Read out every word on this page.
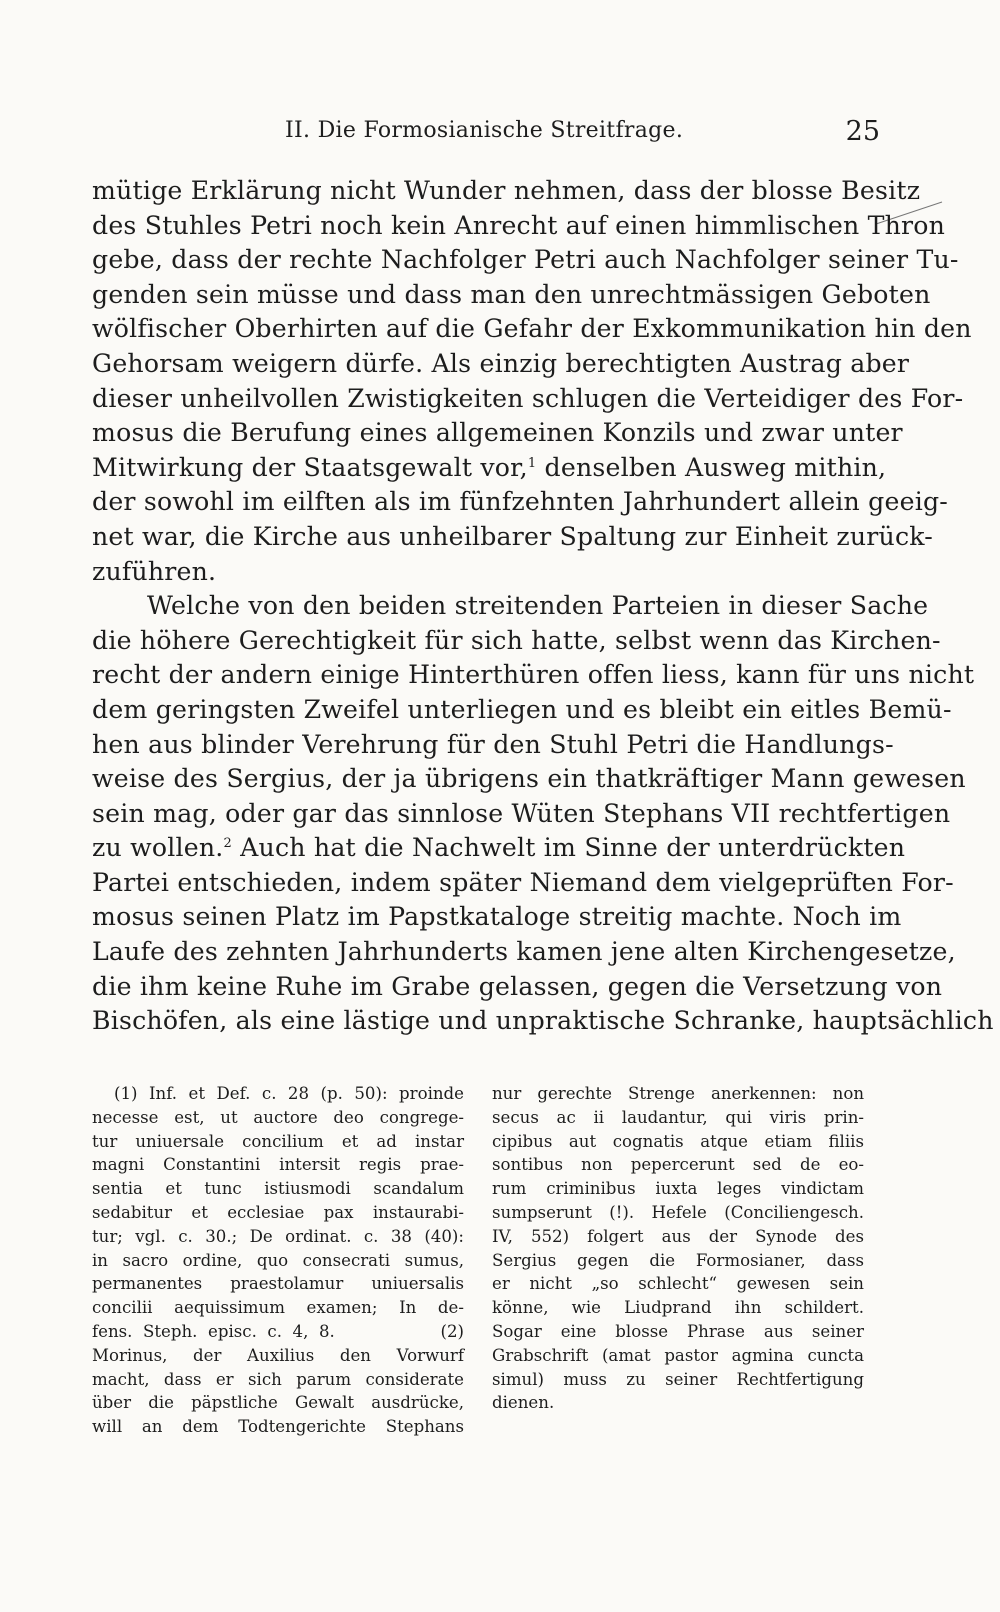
II. Die Formosianische Streitfrage.	25
mütige Erklärung nicht Wunder nehmen, dass der blosse Besitz
des Stuhles Petri noch kein Anrecht auf einen himmlischen Thron
gebe, dass der rechte Nachfolger Petri auch Nachfolger seiner Tu-
genden sein müsse und dass man den unrechtmässigen Geboten
wölfischer Oberhirten auf die Gefahr der Exkommunikation hin den
Gehorsam weigern dürfe. Als einzig berechtigten Austrag aber
dieser unheilvollen Zwistigkeiten schlugen die Verteidiger des For-
mosus die Berufung eines allgemeinen Konzils und zwar unter
Mitwirkung der Staatsgewalt vor,$^1$ denselben Ausweg mithin,
der sowohl im eilften als im fünfzehnten Jahrhundert allein geeig-
net war, die Kirche aus unheilbarer Spaltung zur Einheit zurück-
zuführen.
Welche von den beiden streitenden Parteien in dieser Sache
die höhere Gerechtigkeit für sich hatte, selbst wenn das Kirchen-
recht der andern einige Hinterthüren offen liess, kann für uns nicht
dem geringsten Zweifel unterliegen und es bleibt ein eitles Bemü-
hen aus blinder Verehrung für den Stuhl Petri die Handlungs-
weise des Sergius, der ja übrigens ein thatkräftiger Mann gewesen
sein mag, oder gar das sinnlose Wüten Stephans VII rechtfertigen
zu wollen.$^2$ Auch hat die Nachwelt im Sinne der unterdrückten
Partei entschieden, indem später Niemand dem vielgeprüften For-
mosus seinen Platz im Papstkataloge streitig machte. Noch im
Laufe des zehnten Jahrhunderts kamen jene alten Kirchengesetze,
die ihm keine Ruhe im Grabe gelassen, gegen die Versetzung von
Bischöfen, als eine lästige und unpraktische Schranke, hauptsächlich
(1) Inf. et Def. c. 28 (p. 50): proinde
necesse est, ut auctore deo congrege-
tur uniuersale concilium et ad instar
magni Constantini intersit regis prae-
sentia et tunc istiusmodi scandalum
sedabitur et ecclesiae pax instaurabi-
tur; vgl. c. 30.; De ordinat. c. 38 (40):
in sacro ordine, quo consecrati sumus,
permanentes praestolamur uniuersalis
concilii aequissimum examen; In de-
fens. Steph. episc. c. 4, 8.          (2)
Morinus, der Auxilius den Vorwurf
macht, dass er sich parum considerate
über die päpstliche Gewalt ausdrücke,
will an dem Todtengerichte Stephans
nur gerechte Strenge anerkennen: non
secus ac ii laudantur, qui viris prin-
cipibus aut cognatis atque etiam filiis
sontibus non pepercerunt sed de eo-
rum criminibus iuxta leges vindictam
sumpserunt (!). Hefele (Conciliengesch.
IV, 552) folgert aus der Synode des
Sergius gegen die Formosianer, dass
er nicht „so schlecht“ gewesen sein
könne, wie Liudprand ihn schildert.
Sogar eine blosse Phrase aus seiner
Grabschrift (amat pastor agmina cuncta
simul) muss zu seiner Rechtfertigung
dienen.
